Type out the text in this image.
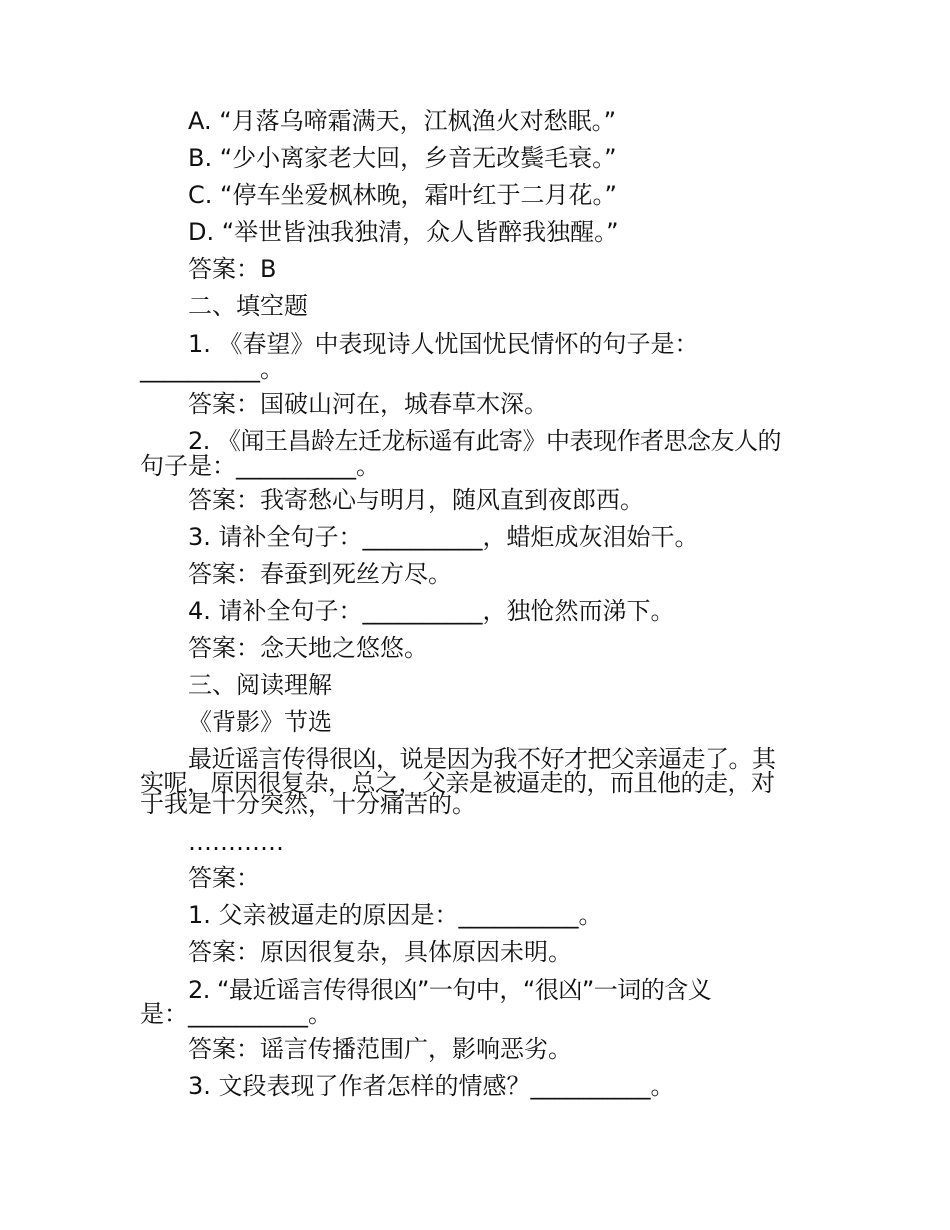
A. “月落乌啼霜满天，江枫渔火对愁眠。”
B. “少小离家老大回，乡音无改鬓毛衰。”
C. “停车坐爱枫林晚，霜叶红于二月花。”
D. “举世皆浊我独清，众人皆醉我独醒。”
答案：B
二、填空题
1. 《春望》中表现诗人忧国忧民情怀的句子是：
__________。
答案：国破山河在，城春草木深。
2. 《闻王昌龄左迁龙标遥有此寄》中表现作者思念友人的
句子是：__________。
答案：我寄愁心与明月，随风直到夜郎西。
3. 请补全句子：__________，蜡炬成灰泪始干。
答案：春蚕到死丝方尽。
4. 请补全句子：__________，独怆然而涕下。
答案：念天地之悠悠。
三、阅读理解
《背影》节选
最近谣言传得很凶，说是因为我不好才把父亲逼走了。其
实呢，原因很复杂，总之，父亲是被逼走的，而且他的走，对
于我是十分突然，十分痛苦的。
…………
答案：
1. 父亲被逼走的原因是：__________。
答案：原因很复杂，具体原因未明。
2. “最近谣言传得很凶”一句中，“很凶”一词的含义
是：__________。
答案：谣言传播范围广，影响恶劣。
3. 文段表现了作者怎样的情感？__________。
